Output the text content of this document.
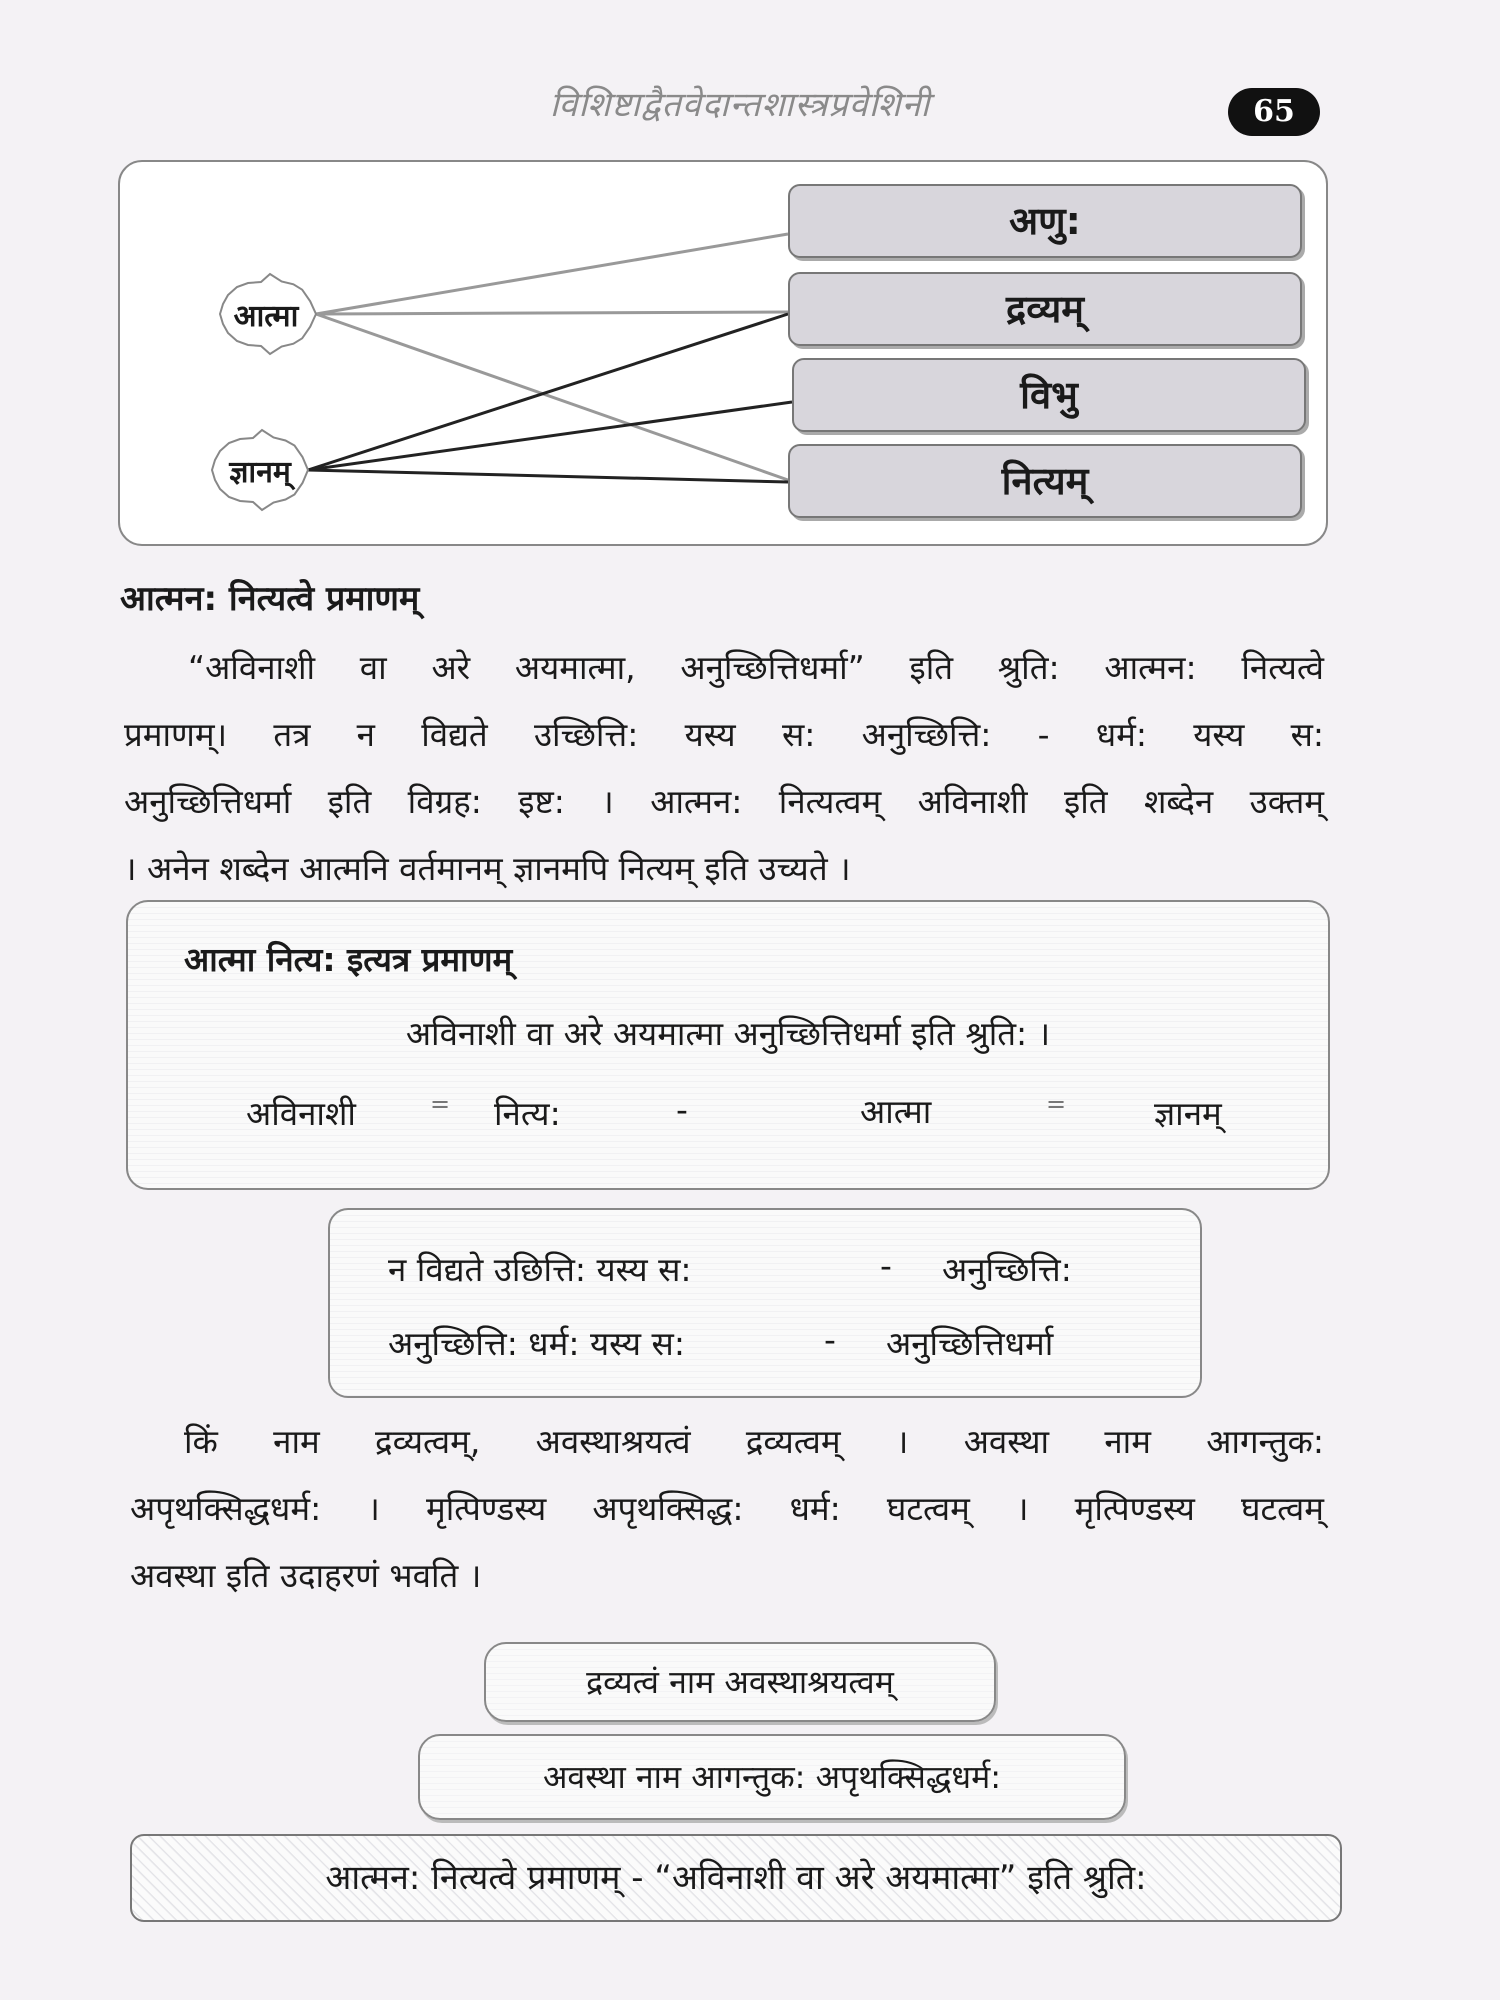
विशिष्टाद्वैतवेदान्तशास्त्रप्रवेशिनी	65
आत्मा
ज्ञानम्
अणु:
द्रव्यम्
विभु
नित्यम्
आत्मन: नित्यत्वे प्रमाणम्
“अविनाशी वा अरे अयमात्मा, अनुच्छित्तिधर्मा” इति श्रुति: आत्मन: नित्यत्वे
प्रमाणम्। तत्र न विद्यते उच्छित्ति: यस्य स: अनुच्छित्ति: - धर्म: यस्य स:
अनुच्छित्तिधर्मा इति विग्रह: इष्ट: । आत्मन: नित्यत्वम् अविनाशी इति शब्देन उक्तम्
। अनेन शब्देन आत्मनि वर्तमानम् ज्ञानमपि नित्यम् इति उच्यते ।
आत्मा नित्य: इत्यत्र प्रमाणम्
अविनाशी वा अरे अयमात्मा अनुच्छित्तिधर्मा इति श्रुति: ।
अविनाशी	= नित्य:	-	आत्मा	=	ज्ञानम्
न विद्यते उछित्ति: यस्य स:	- अनुच्छित्ति:
अनुच्छित्ति: धर्म: यस्य स:	- अनुच्छित्तिधर्मा
किं नाम द्रव्यत्वम्, अवस्थाश्रयत्वं द्रव्यत्वम् । अवस्था नाम आगन्तुक:
अपृथक्सिद्धधर्म: । मृत्पिण्डस्य अपृथक्सिद्ध: धर्म: घटत्वम् । मृत्पिण्डस्य घटत्वम्
अवस्था इति उदाहरणं भवति ।
द्रव्यत्वं नाम अवस्थाश्रयत्वम्
अवस्था नाम आगन्तुक: अपृथक्सिद्धधर्म:
आत्मन: नित्यत्वे प्रमाणम् - “अविनाशी वा अरे अयमात्मा” इति श्रुति:
